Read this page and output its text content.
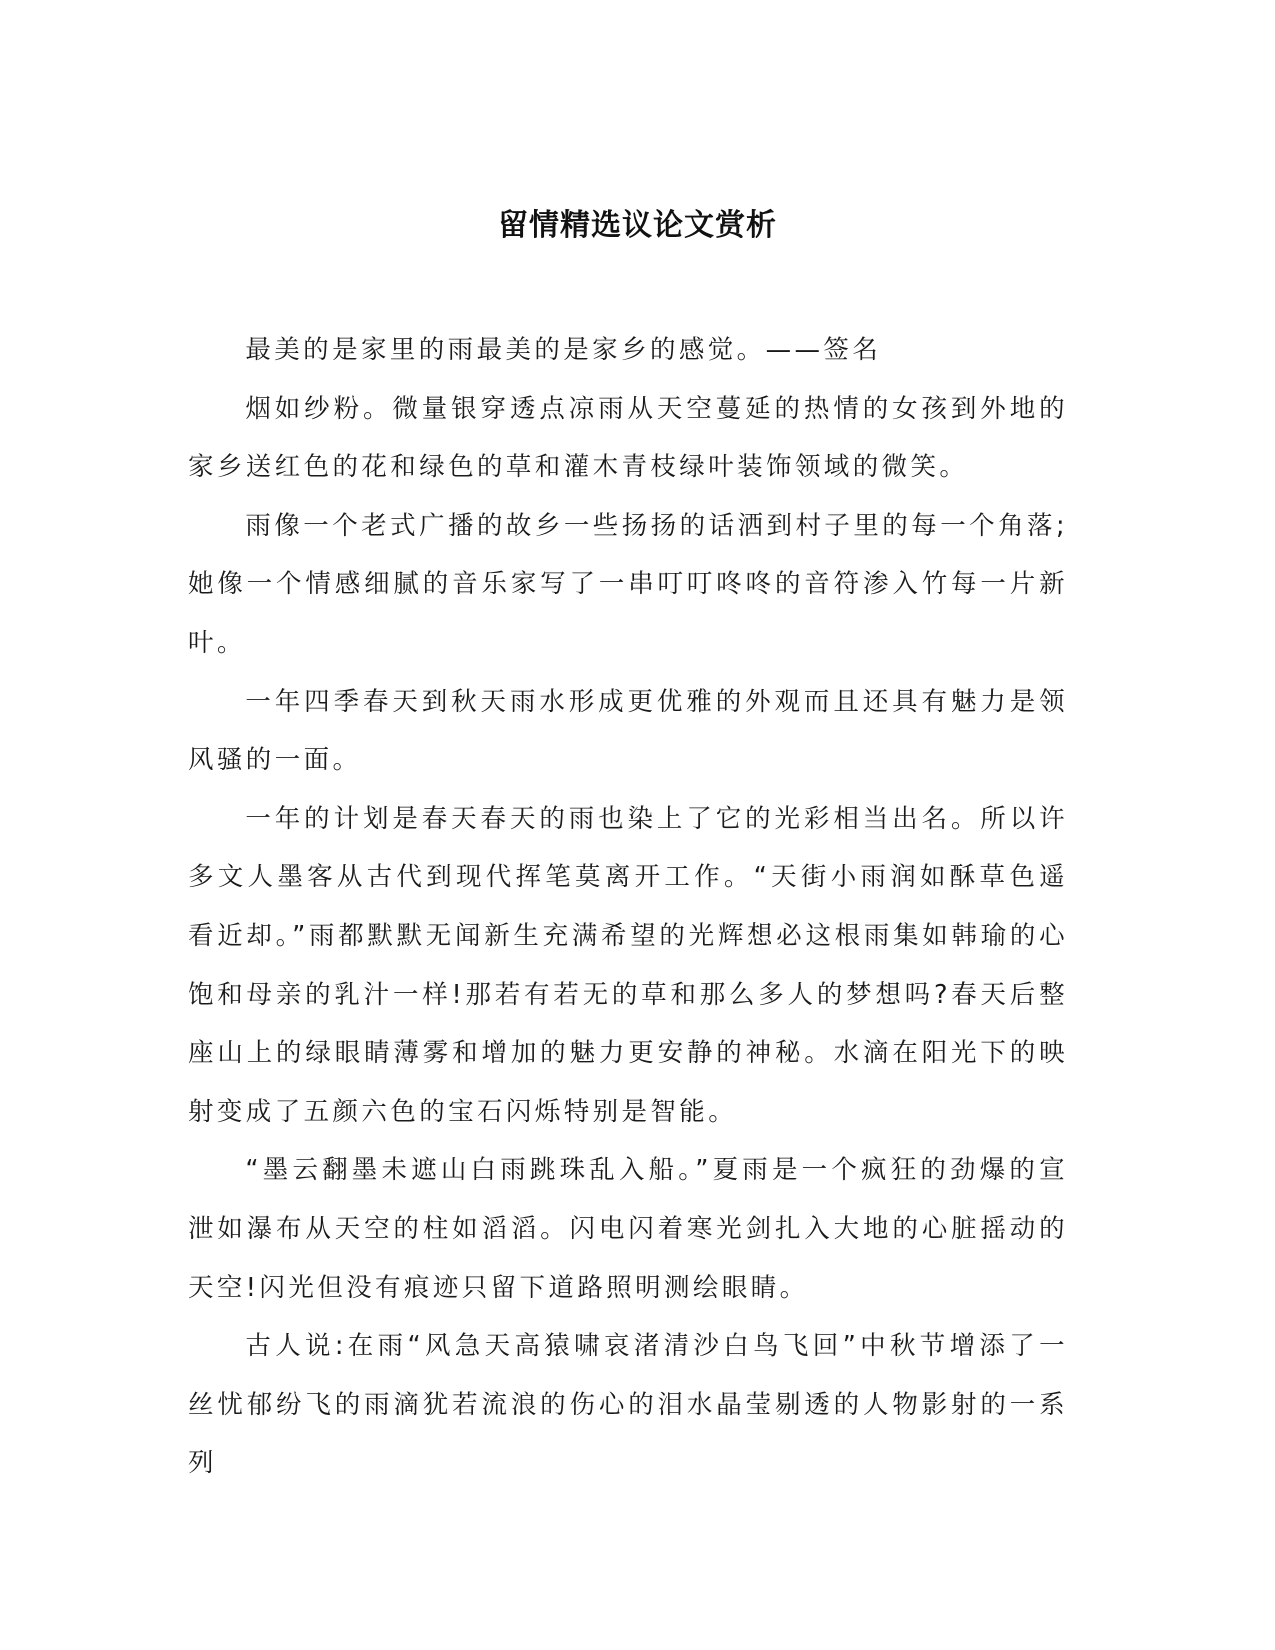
留情精选议论文赏析

最美的是家里的雨最美的是家乡的感觉。——签名

烟如纱粉。微量银穿透点凉雨从天空蔓延的热情的女孩到外地的家乡送红色的花和绿色的草和灌木青枝绿叶装饰领域的微笑。

雨像一个老式广播的故乡一些扬扬的话洒到村子里的每一个角落;她像一个情感细腻的音乐家写了一串叮叮咚咚的音符渗入竹每一片新叶。

一年四季春天到秋天雨水形成更优雅的外观而且还具有魅力是领风骚的一面。

一年的计划是春天春天的雨也染上了它的光彩相当出名。所以许多文人墨客从古代到现代挥笔莫离开工作。“天街小雨润如酥草色遥看近却。”雨都默默无闻新生充满希望的光辉想必这根雨集如韩瑜的心饱和母亲的乳汁一样!那若有若无的草和那么多人的梦想吗?春天后整座山上的绿眼睛薄雾和增加的魅力更安静的神秘。水滴在阳光下的映射变成了五颜六色的宝石闪烁特别是智能。

“墨云翻墨未遮山白雨跳珠乱入船。”夏雨是一个疯狂的劲爆的宣泄如瀑布从天空的柱如滔滔。闪电闪着寒光剑扎入大地的心脏摇动的天空!闪光但没有痕迹只留下道路照明测绘眼睛。

古人说:在雨“风急天高猿啸哀渚清沙白鸟飞回”中秋节增添了一丝忧郁纷飞的雨滴犹若流浪的伤心的泪水晶莹剔透的人物影射的一系列
